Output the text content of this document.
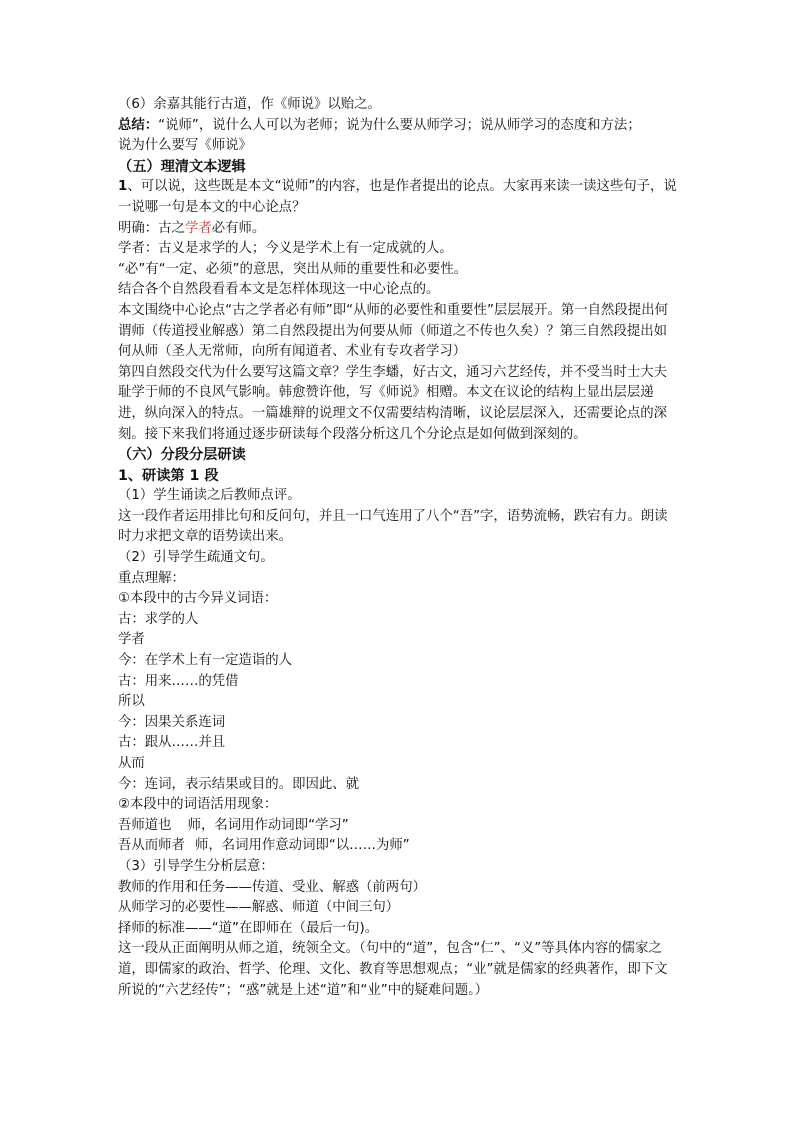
（6）余嘉其能行古道，作《师说》以贻之。

总结：“说师”，说什么人可以为老师；说为什么要从师学习；说从师学习的态度和方法；

说为什么要写《师说》

（五）理清文本逻辑

1、可以说，这些既是本文“说师”的内容，也是作者提出的论点。大家再来读一读这些句子，说一说哪一句是本文的中心论点？

明确：古之学者必有师。

学者：古义是求学的人；今义是学术上有一定成就的人。

“必”有“一定、必须”的意思，突出从师的重要性和必要性。

结合各个自然段看看本文是怎样体现这一中心论点的。

本文围绕中心论点“古之学者必有师”即“从师的必要性和重要性”层层展开。第一自然段提出何谓师（传道授业解惑）第二自然段提出为何要从师（师道之不传也久矣）？第三自然段提出如何从师（圣人无常师，向所有闻道者、术业有专攻者学习）

第四自然段交代为什么要写这篇文章？学生李蟠，好古文，通习六艺经传，并不受当时士大夫耻学于师的不良风气影响。韩愈赞许他，写《师说》相赠。本文在议论的结构上显出层层递进，纵向深入的特点。一篇雄辩的说理文不仅需要结构清晰，议论层层深入，还需要论点的深刻。接下来我们将通过逐步研读每个段落分析这几个分论点是如何做到深刻的。

（六）分段分层研读

1、研读第 1 段

（1）学生诵读之后教师点评。

这一段作者运用排比句和反问句，并且一口气连用了八个“吾”字，语势流畅，跌宕有力。朗读时力求把文章的语势读出来。

（2）引导学生疏通文句。

重点理解：

①本段中的古今异义词语：

古：求学的人

学者

今：在学术上有一定造诣的人

古：用来……的凭借

所以

今：因果关系连词

古：跟从……并且

从而

今：连词，表示结果或目的。即因此、就

②本段中的词语活用现象：

吾师道也 师，名词用作动词即“学习”

吾从而师者 师，名词用作意动词即“以……为师”

（3）引导学生分析层意：

教师的作用和任务——传道、受业、解惑（前两句）

从师学习的必要性——解惑、师道（中间三句）

择师的标准——“道”在即师在（最后一句)。

这一段从正面阐明从师之道，统领全文。（句中的“道”，包含“仁”、“义”等具体内容的儒家之道，即儒家的政治、哲学、伦理、文化、教育等思想观点；“业”就是儒家的经典著作，即下文所说的“六艺经传”；“惑”就是上述“道”和“业”中的疑难问题。）
